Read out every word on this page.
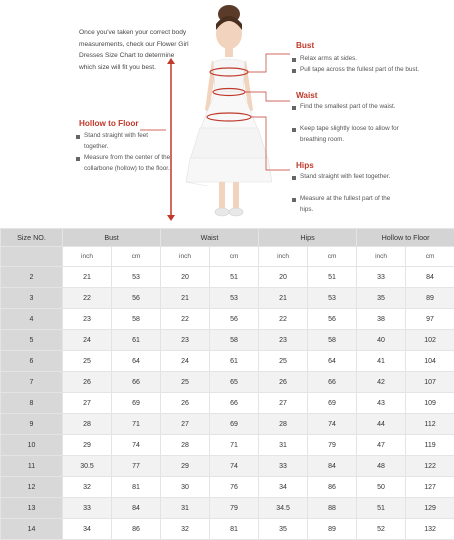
Once you've taken your correct body measurements, check our Flower Girl Dresses Size Chart to determine which size will fit you best.
Bust
Relax arms at sides.
Pull tape across the fullest part of the bust.
Waist
Find the smallest part of the waist.
Keep tape slightly loose to allow for breathing room.
Hips
Stand straight with feet together.
Measure at the fullest part of the hips.
Hollow to Floor
Stand straight with feet together.
Measure from the center of the collarbone (hollow) to the floor.
Size NO.	Bust		Waist		Hips		Hollow to Floor	
	inch	cm	inch	cm	inch	cm	inch	cm
2	21	53	20	51	20	51	33	84
3	22	56	21	53	21	53	35	89
4	23	58	22	56	22	56	38	97
5	24	61	23	58	23	58	40	102
6	25	64	24	61	25	64	41	104
7	26	66	25	65	26	66	42	107
8	27	69	26	66	27	69	43	109
9	28	71	27	69	28	74	44	112
10	29	74	28	71	31	79	47	119
11	30.5	77	29	74	33	84	48	122
12	32	81	30	76	34	86	50	127
13	33	84	31	79	34.5	88	51	129
14	34	86	32	81	35	89	52	132
